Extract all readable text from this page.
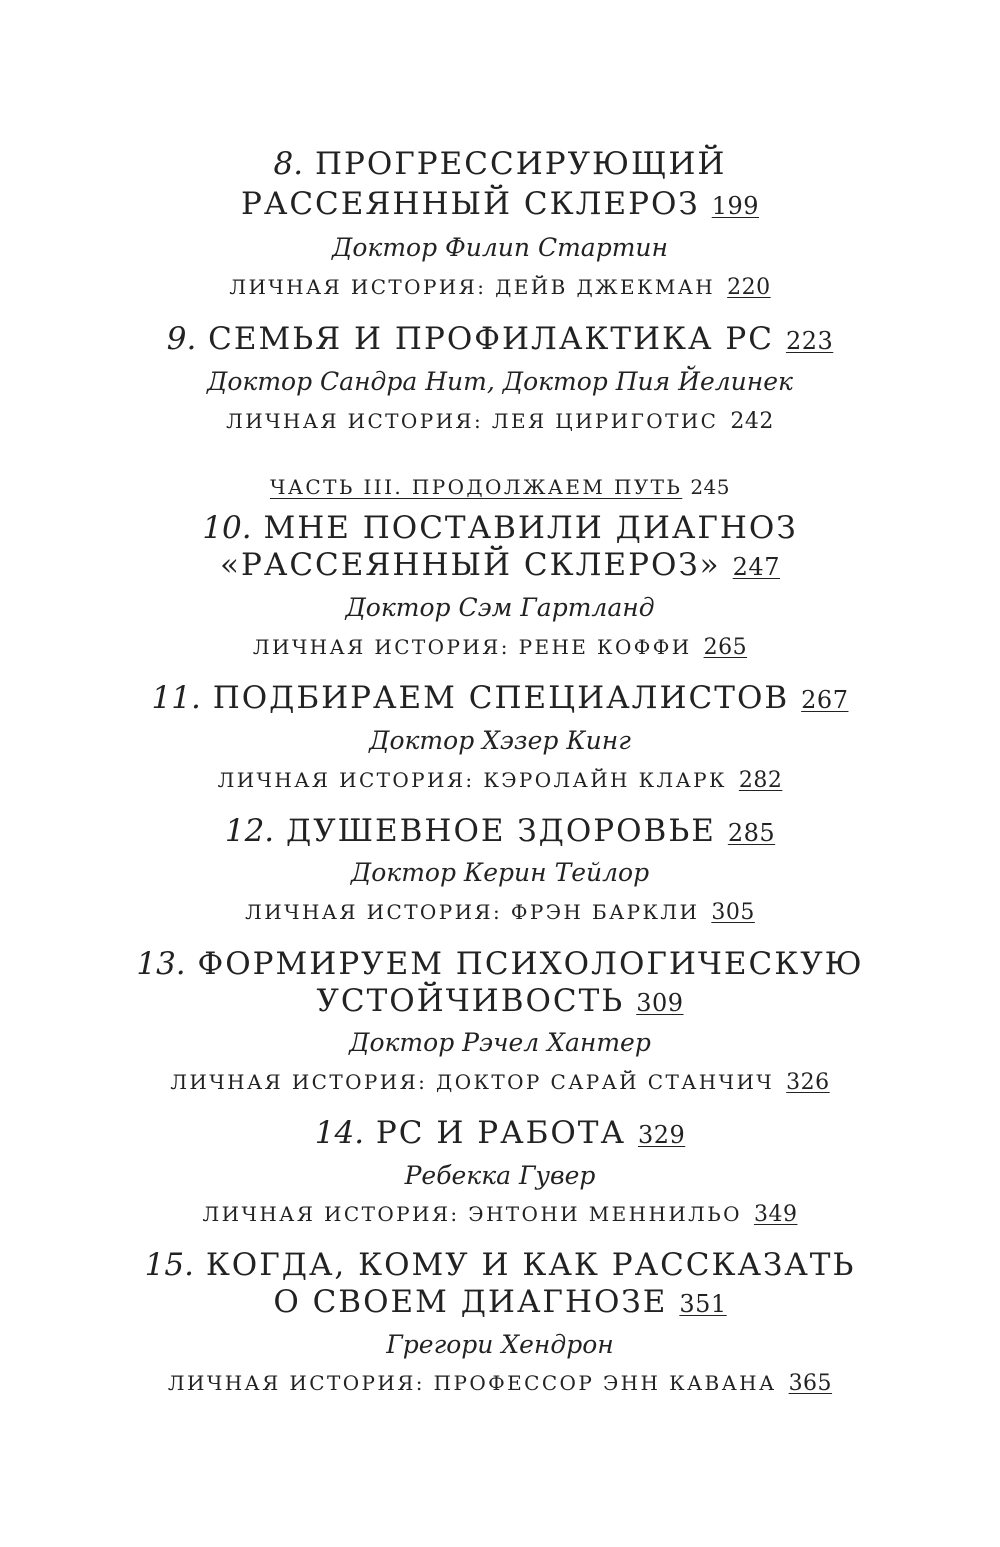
8. ПРОГРЕССИРУЮЩИЙ
РАССЕЯННЫЙ СКЛЕРОЗ 199
Доктор Филип Стартин
ЛИЧНАЯ ИСТОРИЯ: ДЕЙВ ДЖЕКМАН 220
9. СЕМЬЯ И ПРОФИЛАКТИКА РС 223
Доктор Сандра Нит, Доктор Пия Йелинек
ЛИЧНАЯ ИСТОРИЯ: ЛЕЯ ЦИРИГОТИС 242
ЧАСТЬ III. ПРОДОЛЖАЕМ ПУТЬ 245
10. МНЕ ПОСТАВИЛИ ДИАГНОЗ
«РАССЕЯННЫЙ СКЛЕРОЗ» 247
Доктор Сэм Гартланд
ЛИЧНАЯ ИСТОРИЯ: РЕНЕ КОФФИ 265
11. ПОДБИРАЕМ СПЕЦИАЛИСТОВ 267
Доктор Хэзер Кинг
ЛИЧНАЯ ИСТОРИЯ: КЭРОЛАЙН КЛАРК 282
12. ДУШЕВНОЕ ЗДОРОВЬЕ 285
Доктор Керин Тейлор
ЛИЧНАЯ ИСТОРИЯ: ФРЭН БАРКЛИ 305
13. ФОРМИРУЕМ ПСИХОЛОГИЧЕСКУЮ
УСТОЙЧИВОСТЬ 309
Доктор Рэчел Хантер
ЛИЧНАЯ ИСТОРИЯ: ДОКТОР САРАЙ СТАНЧИЧ 326
14. РС И РАБОТА 329
Ребекка Гувер
ЛИЧНАЯ ИСТОРИЯ: ЭНТОНИ МЕННИЛЬО 349
15. КОГДА, КОМУ И КАК РАССКАЗАТЬ
О СВОЕМ ДИАГНОЗЕ 351
Грегори Хендрон
ЛИЧНАЯ ИСТОРИЯ: ПРОФЕССОР ЭНН КАВАНА 365
